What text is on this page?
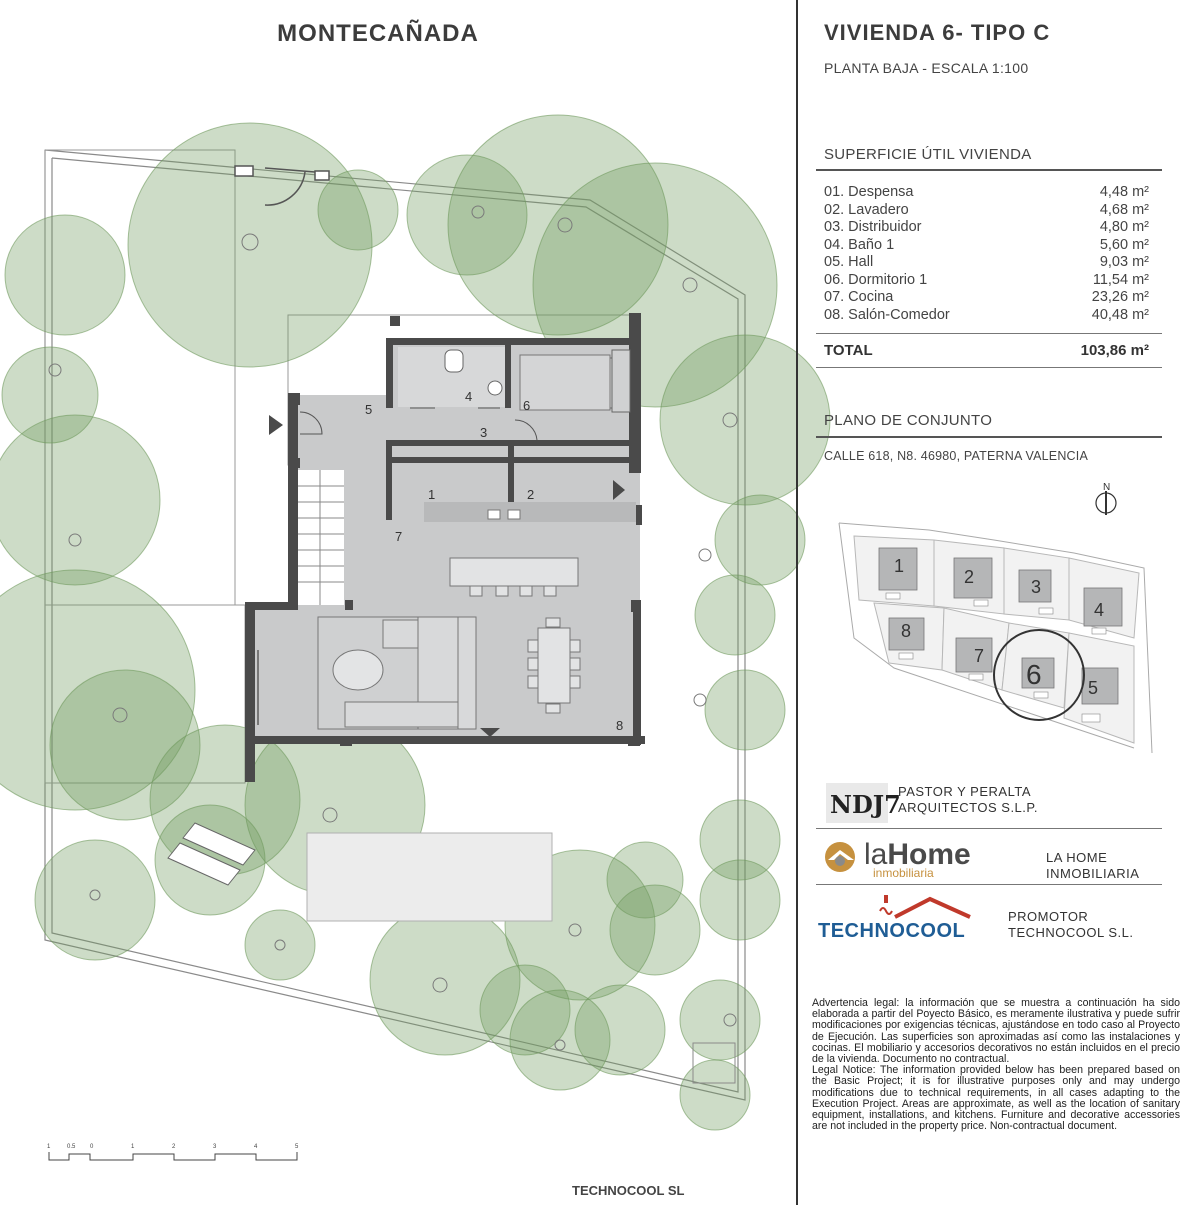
MONTECAÑADA
1	2
3
4
5	6
7
8
1	0.5 0	1	2	3	4	5
TECHNOCOOL SL
VIVIENDA 6- TIPO C
PLANTA BAJA - ESCALA 1:100
SUPERFICIE ÚTIL VIVIENDA
01. Despensa	4,48 m²
02. Lavadero	4,68 m²
03. Distribuidor	4,80 m²
04. Baño 1	5,60 m²
05. Hall	9,03 m²
06. Dormitorio 1	11,54 m²
07. Cocina	23,26 m²
08. Salón-Comedor	40,48 m²
TOTAL	103,86 m²
PLANO DE CONJUNTO
CALLE 618, N8. 46980, PATERNA VALENCIA
N
1
2	3
4
5
7
8
6
NDJ7
PASTOR Y PERALTA
ARQUITECTOS S.L.P.
laHome
inmobiliaria
LA HOME
INMOBILIARIA
TECHNOCOOL
PROMOTOR
TECHNOCOOL S.L.

Advertencia legal: la información que se muestra a continuación ha sido elaborada a partir del Poyecto Básico, es meramente ilustrativa y puede sufrir modificaciones por exigencias técnicas, ajustándose en todo caso al Proyecto de Ejecución. Las superficies son aproximadas así como las instalaciones y cocinas. El mobiliario y accesorios decorativos no están incluidos en el precio de la vivienda. Documento no contractual.

Legal Notice: The information provided below has been prepared based on the Basic Project; it is for illustrative purposes only and may undergo modifications due to technical requirements, in all cases adapting to the Execution Project. Areas are approximate, as well as the location of sanitary equipment, installations, and kitchens. Furniture and decorative accessories are not included in the property price. Non-contractual document.
